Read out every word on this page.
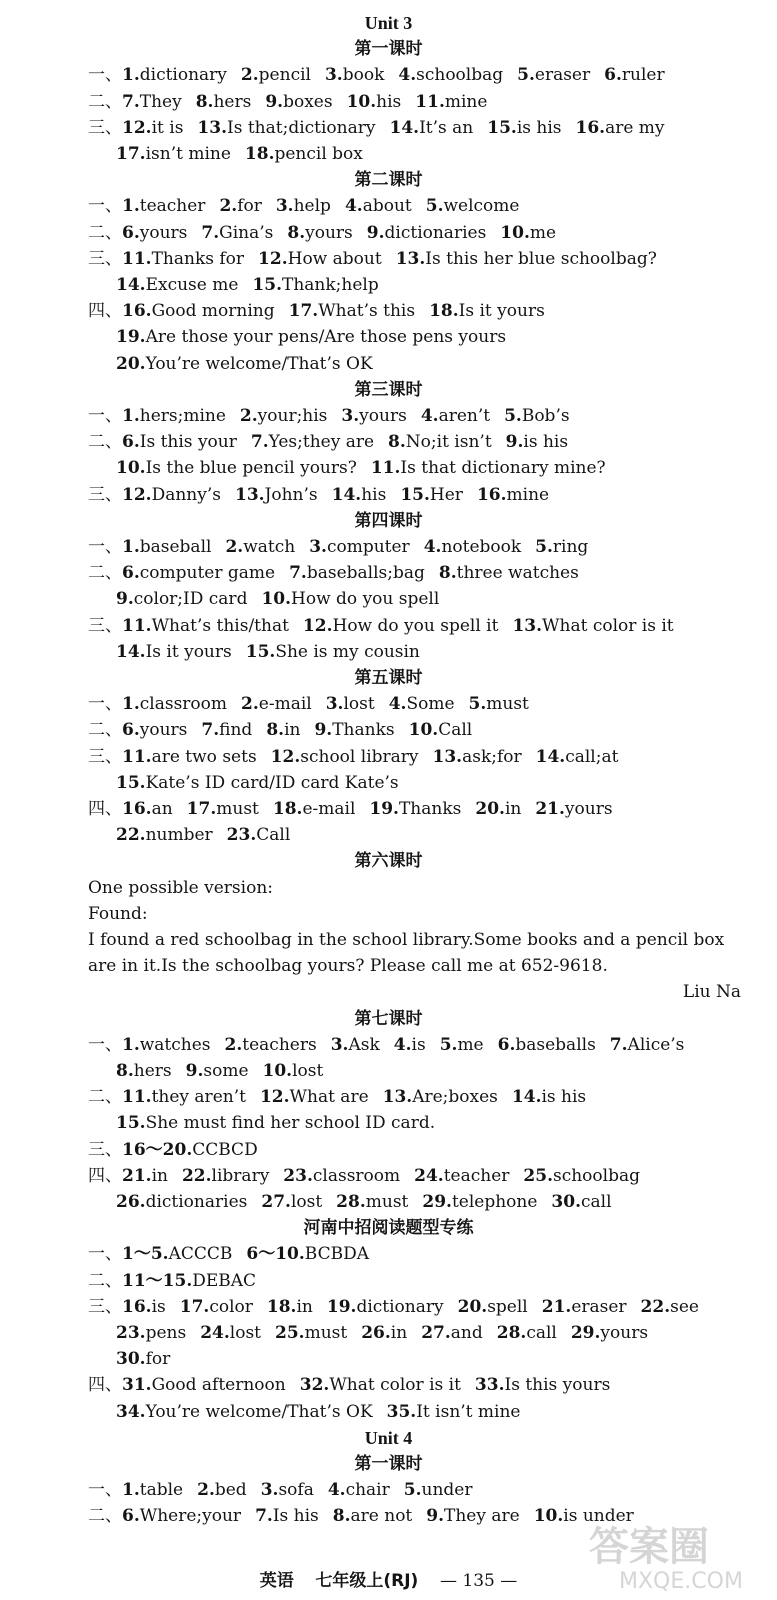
Unit 3
第一课时
一、1.dictionary 2.pencil 3.book 4.schoolbag 5.eraser 6.ruler
二、7.They 8.hers 9.boxes 10.his 11.mine
三、12.it is 13.Is that;dictionary 14.It’s an 15.is his 16.are my
17.isn’t mine 18.pencil box
第二课时
一、1.teacher 2.for 3.help 4.about 5.welcome
二、6.yours 7.Gina’s 8.yours 9.dictionaries 10.me
三、11.Thanks for 12.How about 13.Is this her blue schoolbag?
14.Excuse me 15.Thank;help
四、16.Good morning 17.What’s this 18.Is it yours
19.Are those your pens/Are those pens yours
20.You’re welcome/That’s OK
第三课时
一、1.hers;mine 2.your;his 3.yours 4.aren’t 5.Bob’s
二、6.Is this your 7.Yes;they are 8.No;it isn’t 9.is his
10.Is the blue pencil yours? 11.Is that dictionary mine?
三、12.Danny’s 13.John’s 14.his 15.Her 16.mine
第四课时
一、1.baseball 2.watch 3.computer 4.notebook 5.ring
二、6.computer game 7.baseballs;bag 8.three watches
9.color;ID card 10.How do you spell
三、11.What’s this/that 12.How do you spell it 13.What color is it
14.Is it yours 15.She is my cousin
第五课时
一、1.classroom 2.e-mail 3.lost 4.Some 5.must
二、6.yours 7.find 8.in 9.Thanks 10.Call
三、11.are two sets 12.school library 13.ask;for 14.call;at
15.Kate’s ID card/ID card Kate’s
四、16.an 17.must 18.e-mail 19.Thanks 20.in 21.yours
22.number 23.Call
第六课时
One possible version:
Found:
I found a red schoolbag in the school library.Some books and a pencil box
are in it.Is the schoolbag yours? Please call me at 652-9618.
Liu Na
第七课时
一、1.watches 2.teachers 3.Ask 4.is 5.me 6.baseballs 7.Alice’s
8.hers 9.some 10.lost
二、11.they aren’t 12.What are 13.Are;boxes 14.is his
15.She must find her school ID card.
三、16～20.CCBCD
四、21.in 22.library 23.classroom 24.teacher 25.schoolbag
26.dictionaries 27.lost 28.must 29.telephone 30.call
河南中招阅读题型专练
一、1～5.ACCCB 6～10.BCBDA
二、11～15.DEBAC
三、16.is 17.color 18.in 19.dictionary 20.spell 21.eraser 22.see
23.pens 24.lost 25.must 26.in 27.and 28.call 29.yours
30.for
四、31.Good afternoon 32.What color is it 33.Is this yours
34.You’re welcome/That’s OK 35.It isn’t mine
Unit 4
第一课时
一、1.table 2.bed 3.sofa 4.chair 5.under
二、6.Where;your 7.Is his 8.are not 9.They are 10.is under
英语 七年级上(RJ) — 135 —
答案圈
MXQE.COM
